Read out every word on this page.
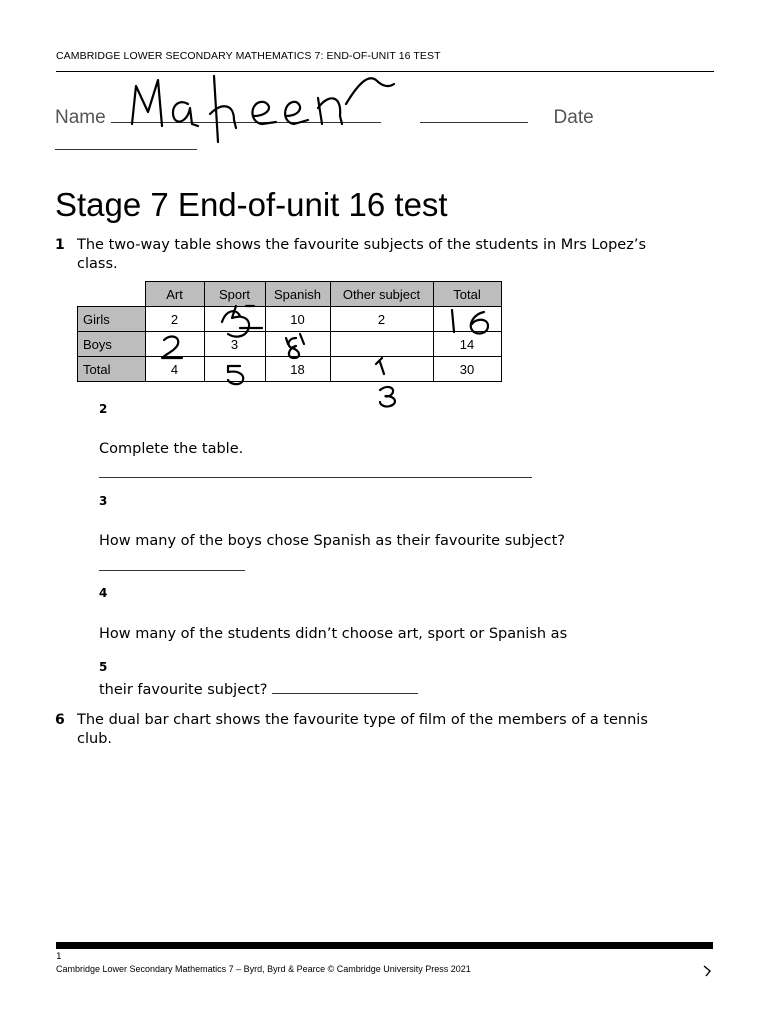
CAMBRIDGE LOWER SECONDARY MATHEMATICS 7: END-OF-UNIT 16 TEST
Name	Date
Stage 7 End-of-unit 16 test
1 The two-way table shows the favourite subjects of the students in Mrs Lopez’s class.
	Art	Sport	Spanish	Other subject	Total
Girls	2		10	2	
Boys		3			14
Total	4		18		30
2
Complete the table.
3
How many of the boys chose Spanish as their favourite subject?
4
How many of the students didn’t choose art, sport or Spanish as
5
their favourite subject?
6 The dual bar chart shows the favourite type of film of the members of a tennis club.
1
Cambridge Lower Secondary Mathematics 7 – Byrd, Byrd & Pearce © Cambridge University Press 2021
